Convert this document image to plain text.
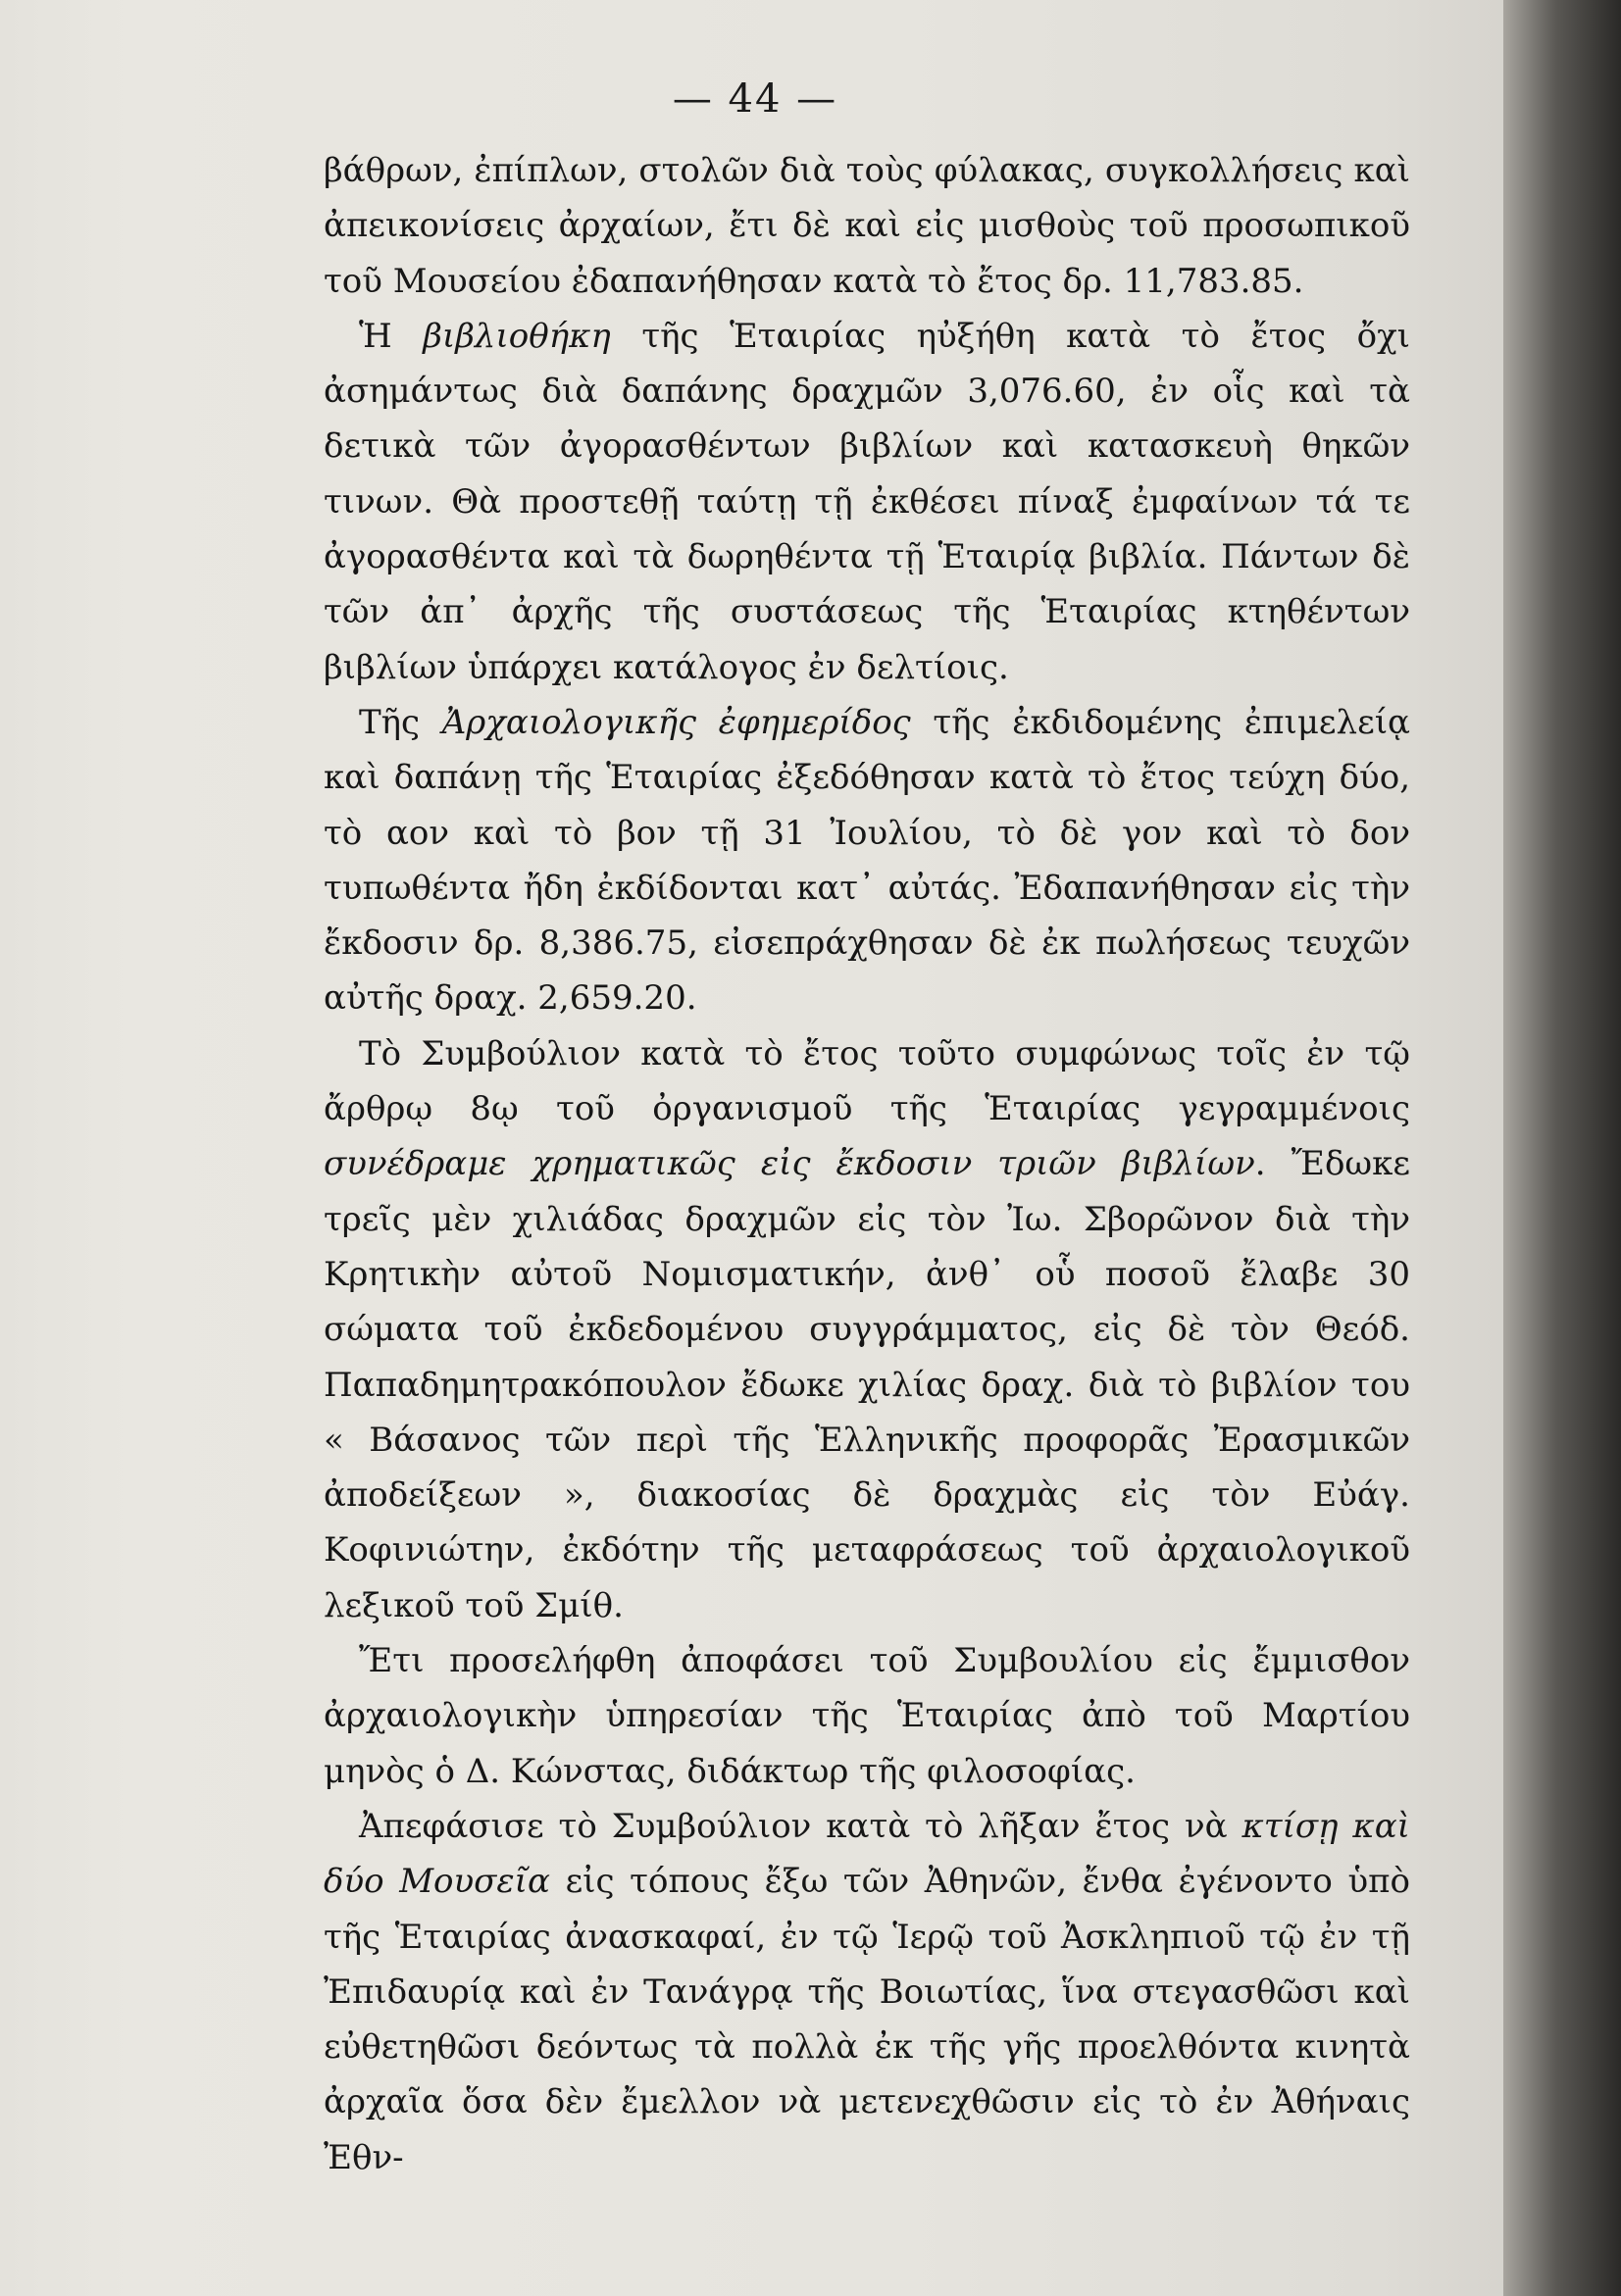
— 44 —

βάθρων, ἐπίπλων, στολῶν διὰ τοὺς φύλακας, συγκολλήσεις καὶ ἀπεικονίσεις ἀρχαίων, ἔτι δὲ καὶ εἰς μισθοὺς τοῦ προσωπικοῦ τοῦ Μουσείου ἐδαπανήθησαν κατὰ τὸ ἔτος δρ. 11,783.85.

Ἡ βιβλιοθήκη τῆς Ἑταιρίας ηὐξήθη κατὰ τὸ ἔτος ὄχι ἀσημάντως διὰ δαπάνης δραχμῶν 3,076.60, ἐν οἷς καὶ τὰ δετικὰ τῶν ἀγορασθέντων βιβλίων καὶ κατασκευὴ θηκῶν τινων. Θὰ προστεθῇ ταύτῃ τῇ ἐκθέσει πίναξ ἐμφαίνων τά τε ἀγορασθέντα καὶ τὰ δωρηθέντα τῇ Ἑταιρίᾳ βιβλία. Πάντων δὲ τῶν ἀπ᾽ ἀρχῆς τῆς συστάσεως τῆς Ἑταιρίας κτηθέντων βιβλίων ὑπάρχει κατάλογος ἐν δελτίοις.

Τῆς Ἀρχαιολογικῆς ἐφημερίδος τῆς ἐκδιδομένης ἐπιμελείᾳ καὶ δαπάνῃ τῆς Ἑταιρίας ἐξεδόθησαν κατὰ τὸ ἔτος τεύχη δύο, τὸ αον καὶ τὸ βον τῇ 31 Ἰουλίου, τὸ δὲ γον καὶ τὸ δον τυπωθέντα ἤδη ἐκδίδονται κατ᾽ αὐτάς. Ἐδαπανήθησαν εἰς τὴν ἔκδοσιν δρ. 8,386.75, εἰσεπράχθησαν δὲ ἐκ πωλήσεως τευχῶν αὐτῆς δραχ. 2,659.20.

Τὸ Συμβούλιον κατὰ τὸ ἔτος τοῦτο συμφώνως τοῖς ἐν τῷ ἄρθρῳ 8ῳ τοῦ ὀργανισμοῦ τῆς Ἑταιρίας γεγραμμένοις συνέδραμε χρηματικῶς εἰς ἔκδοσιν τριῶν βιβλίων. Ἔδωκε τρεῖς μὲν χιλιάδας δραχμῶν εἰς τὸν Ἰω. Σβορῶνον διὰ τὴν Κρητικὴν αὐτοῦ Νομισματικήν, ἀνθ᾽ οὗ ποσοῦ ἔλαβε 30 σώματα τοῦ ἐκδεδομένου συγγράμματος, εἰς δὲ τὸν Θεόδ. Παπαδημητρακόπουλον ἔδωκε χιλίας δραχ. διὰ τὸ βιβλίον του « Βάσανος τῶν περὶ τῆς Ἑλληνικῆς προφορᾶς Ἐρασμικῶν ἀποδείξεων », διακοσίας δὲ δραχμὰς εἰς τὸν Εὐάγ. Κοφινιώτην, ἐκδότην τῆς μεταφράσεως τοῦ ἀρχαιολογικοῦ λεξικοῦ τοῦ Σμίθ.

Ἔτι προσελήφθη ἀποφάσει τοῦ Συμβουλίου εἰς ἔμμισθον ἀρχαιολογικὴν ὑπηρεσίαν τῆς Ἑταιρίας ἀπὸ τοῦ Μαρτίου μηνὸς ὁ Δ. Κώνστας, διδάκτωρ τῆς φιλοσοφίας.

Ἀπεφάσισε τὸ Συμβούλιον κατὰ τὸ λῆξαν ἔτος νὰ κτίσῃ καὶ δύο Μουσεῖα εἰς τόπους ἔξω τῶν Ἀθηνῶν, ἔνθα ἐγένοντο ὑπὸ τῆς Ἑταιρίας ἀνασκαφαί, ἐν τῷ Ἱερῷ τοῦ Ἀσκληπιοῦ τῷ ἐν τῇ Ἐπιδαυρίᾳ καὶ ἐν Τανάγρᾳ τῆς Βοιωτίας, ἵνα στεγασθῶσι καὶ εὐθετηθῶσι δεόντως τὰ πολλὰ ἐκ τῆς γῆς προελθόντα κινητὰ ἀρχαῖα ὅσα δὲν ἔμελλον νὰ μετενεχθῶσιν εἰς τὸ ἐν Ἀθήναις Ἐθν-
